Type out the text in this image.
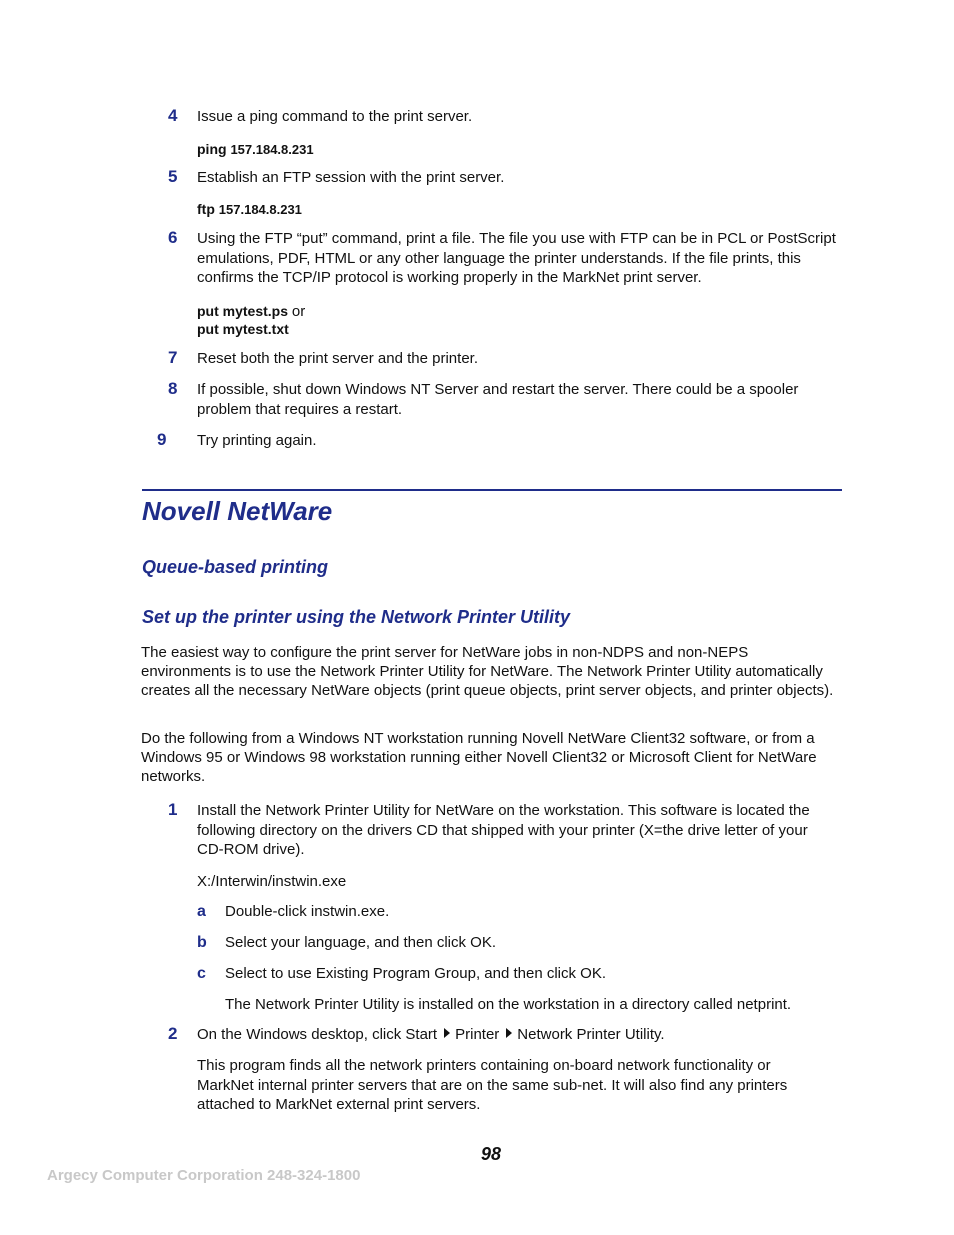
4 Issue a ping command to the print server.
ping 157.184.8.231
5 Establish an FTP session with the print server.
ftp 157.184.8.231
6 Using the FTP “put” command, print a file. The file you use with FTP can be in PCL or PostScript emulations, PDF, HTML or any other language the printer understands. If the file prints, this confirms the TCP/IP protocol is working properly in the MarkNet print server.
put mytest.ps or
put mytest.txt
7 Reset both the print server and the printer.
8 If possible, shut down Windows NT Server and restart the server. There could be a spooler problem that requires a restart.
9 Try printing again.
Novell NetWare
Queue-based printing
Set up the printer using the Network Printer Utility
The easiest way to configure the print server for NetWare jobs in non-NDPS and non-NEPS environments is to use the Network Printer Utility for NetWare. The Network Printer Utility automatically creates all the necessary NetWare objects (print queue objects, print server objects, and printer objects).
Do the following from a Windows NT workstation running Novell NetWare Client32 software, or from a Windows 95 or Windows 98 workstation running either Novell Client32 or Microsoft Client for NetWare networks.
1 Install the Network Printer Utility for NetWare on the workstation. This software is located the following directory on the drivers CD that shipped with your printer (X=the drive letter of your CD-ROM drive).
X:/Interwin/instwin.exe
a Double-click instwin.exe.
b Select your language, and then click OK.
c Select to use Existing Program Group, and then click OK.
The Network Printer Utility is installed on the workstation in a directory called netprint.
2 On the Windows desktop, click Start Printer Network Printer Utility.
This program finds all the network printers containing on-board network functionality or MarkNet internal printer servers that are on the same sub-net. It will also find any printers attached to MarkNet external print servers.
98
Argecy Computer Corporation 248-324-1800
